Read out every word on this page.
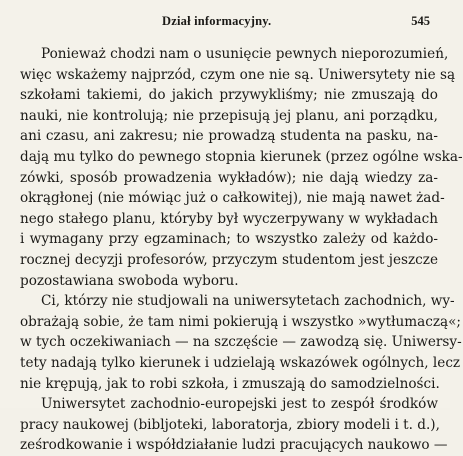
Dział informacyjny.	545
Ponieważ chodzi nam o usunięcie pewnych nieporozumień,
więc wskażemy najprzód, czym one nie są. Uniwersytety nie są
szkołami takiemi, do jakich przywykliśmy; nie zmuszają do
nauki, nie kontrolują; nie przepisują jej planu, ani porządku,
ani czasu, ani zakresu; nie prowadzą studenta na pasku, na-
dają mu tylko do pewnego stopnia kierunek (przez ogólne wska-
zówki, sposób prowadzenia wykładów); nie dają wiedzy za-
okrągłonej (nie mówiąc już o całkowitej), nie mają nawet żad-
nego stałego planu, któryby był wyczerpywany w wykładach
i wymagany przy egzaminach; to wszystko zależy od każdo-
rocznej decyzji profesorów, przyczym studentom jest jeszcze
pozostawiana swoboda wyboru.
Ci, którzy nie studjowali na uniwersytetach zachodnich, wy-
obrażają sobie, że tam nimi pokierują i wszystko »wytłumaczą«;
w tych oczekiwaniach — na szczęście — zawodzą się. Uniwersy-
tety nadają tylko kierunek i udzielają wskazówek ogólnych, lecz
nie krępują, jak to robi szkoła, i zmuszają do samodzielności.
Uniwersytet zachodnio-europejski jest to zespół środków
pracy naukowej (bibljoteki, laboratorja, zbiory modeli i t. d.),
ześrodkowanie i współdziałanie ludzi pracujących naukowo —
